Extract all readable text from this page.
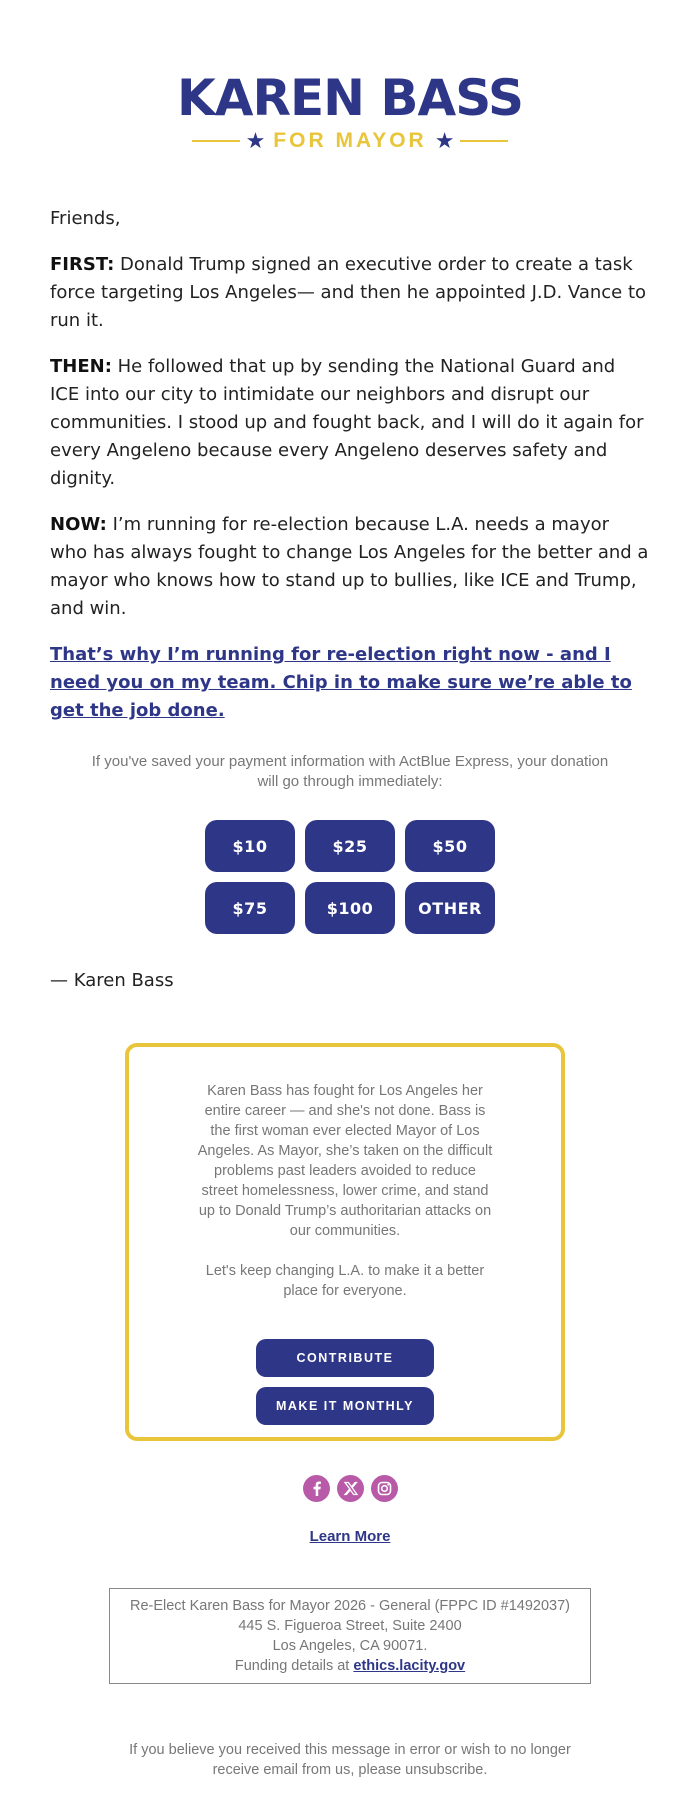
KAREN BASS
★ FOR MAYOR ★

Friends,

FIRST: Donald Trump signed an executive order to create a task force targeting Los Angeles— and then he appointed J.D. Vance to run it.

THEN: He followed that up by sending the National Guard and ICE into our city to intimidate our neighbors and disrupt our communities. I stood up and fought back, and I will do it again for every Angeleno because every Angeleno deserves safety and dignity.

NOW: I’m running for re-election because L.A. needs a mayor who has always fought to change Los Angeles for the better and a mayor who knows how to stand up to bullies, like ICE and Trump, and win.

That’s why I’m running for re-election right now - and I need you on my team. Chip in to make sure we’re able to get the job done.

If you've saved your payment information with ActBlue Express, your donation will go through immediately:
$10	$25	$50
$75	$100	OTHER
— Karen Bass

Karen Bass has fought for Los Angeles her entire career — and she's not done. Bass is the first woman ever elected Mayor of Los Angeles. As Mayor, she’s taken on the difficult problems past leaders avoided to reduce street homelessness, lower crime, and stand up to Donald Trump’s authoritarian attacks on our communities.

Let's keep changing L.A. to make it a better place for everyone.

CONTRIBUTE
MAKE IT MONTHLY
Learn More
Re-Elect Karen Bass for Mayor 2026 - General (FPPC ID #1492037)
445 S. Figueroa Street, Suite 2400
Los Angeles, CA 90071.
Funding details at ethics.lacity.gov
If you believe you received this message in error or wish to no longer receive email from us, please unsubscribe.
